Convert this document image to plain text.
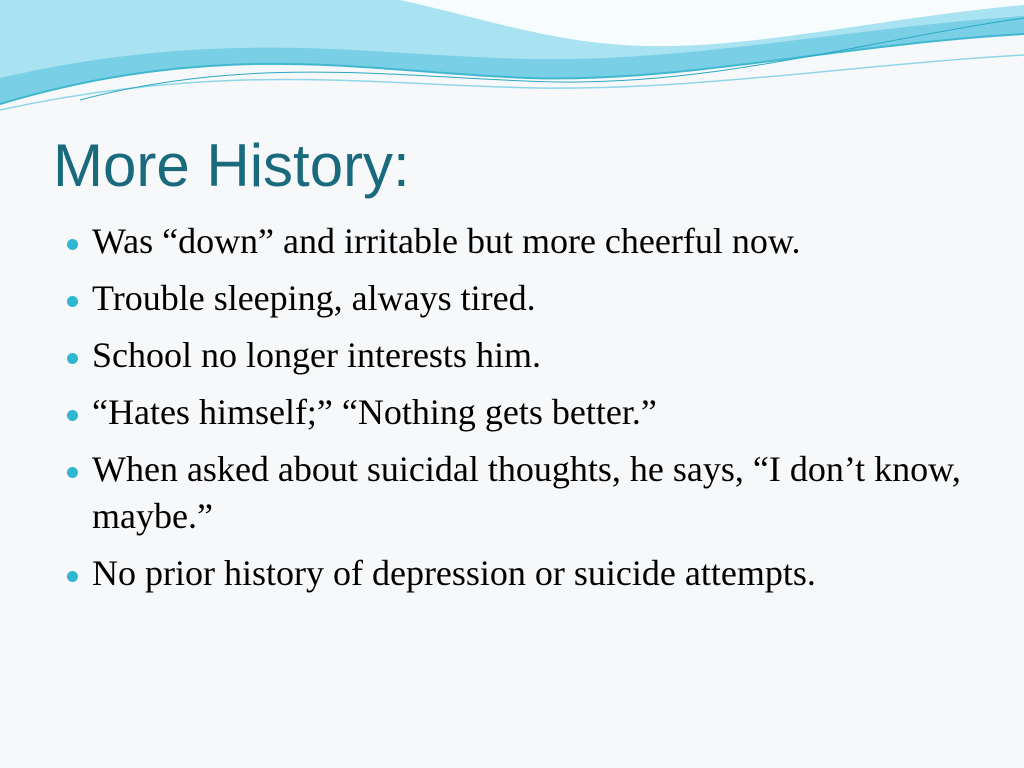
More History:
Was “down” and irritable but more cheerful now.
Trouble sleeping, always tired.
School no longer interests him.
“Hates himself;” “Nothing gets better.”
When asked about suicidal thoughts, he says, “I don’t know, maybe.”
No prior history of depression or suicide attempts.
